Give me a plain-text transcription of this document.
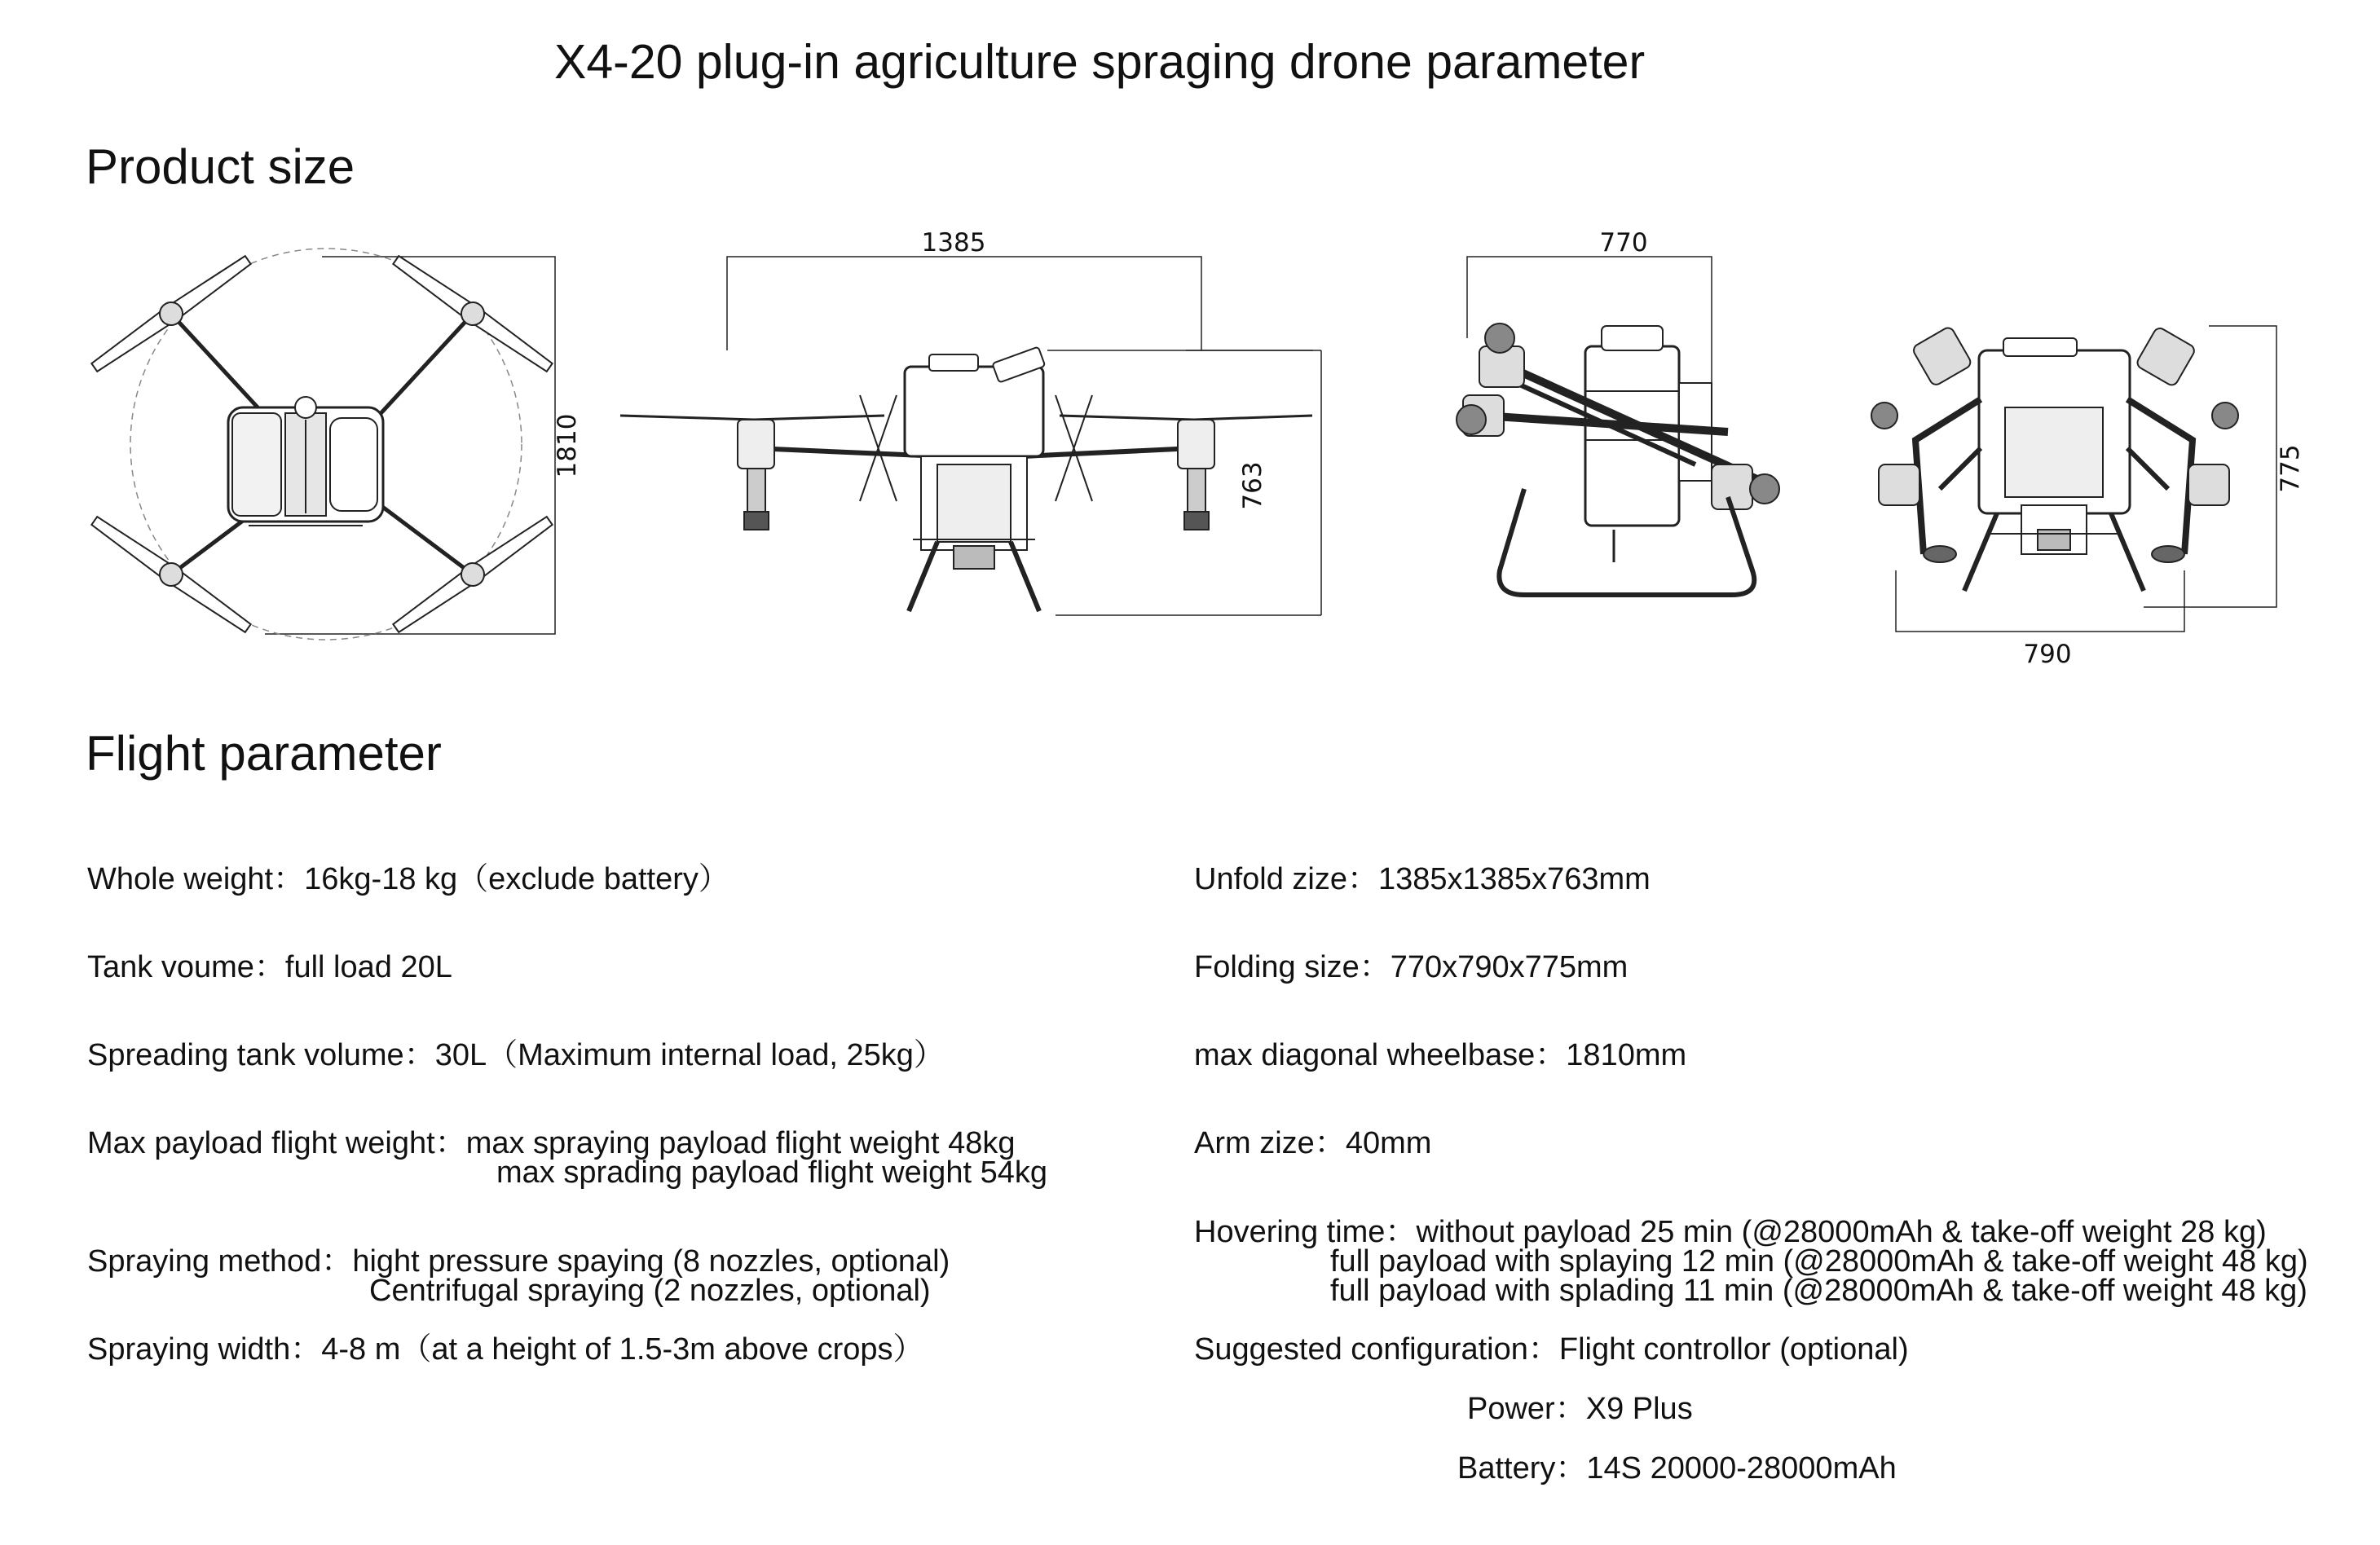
X4-20 plug-in agriculture spraging drone parameter
Product size
Flight parameter
1810
1385
763
770
775
790
Whole weight：16kg-18 kg（exclude battery）
Tank voume：full load 20L
Spreading tank volume：30L（Maximum internal load, 25kg）
Max payload flight weight：max spraying payload flight weight 48kg
max sprading payload flight weight 54kg
Spraying method：hight pressure spaying (8 nozzles, optional)
Centrifugal spraying (2 nozzles, optional)
Spraying width：4-8 m（at a height of 1.5-3m above crops）
Unfold zize：1385x1385x763mm
Folding size：770x790x775mm
max diagonal wheelbase：1810mm
Arm zize：40mm
Hovering time：without payload 25 min (@28000mAh & take-off weight 28 kg)
full payload with splaying 12 min (@28000mAh & take-off weight 48 kg)
full payload with splading 11 min (@28000mAh & take-off weight 48 kg)
Suggested configuration：Flight controllor (optional)
Power：X9 Plus
Battery：14S 20000-28000mAh
